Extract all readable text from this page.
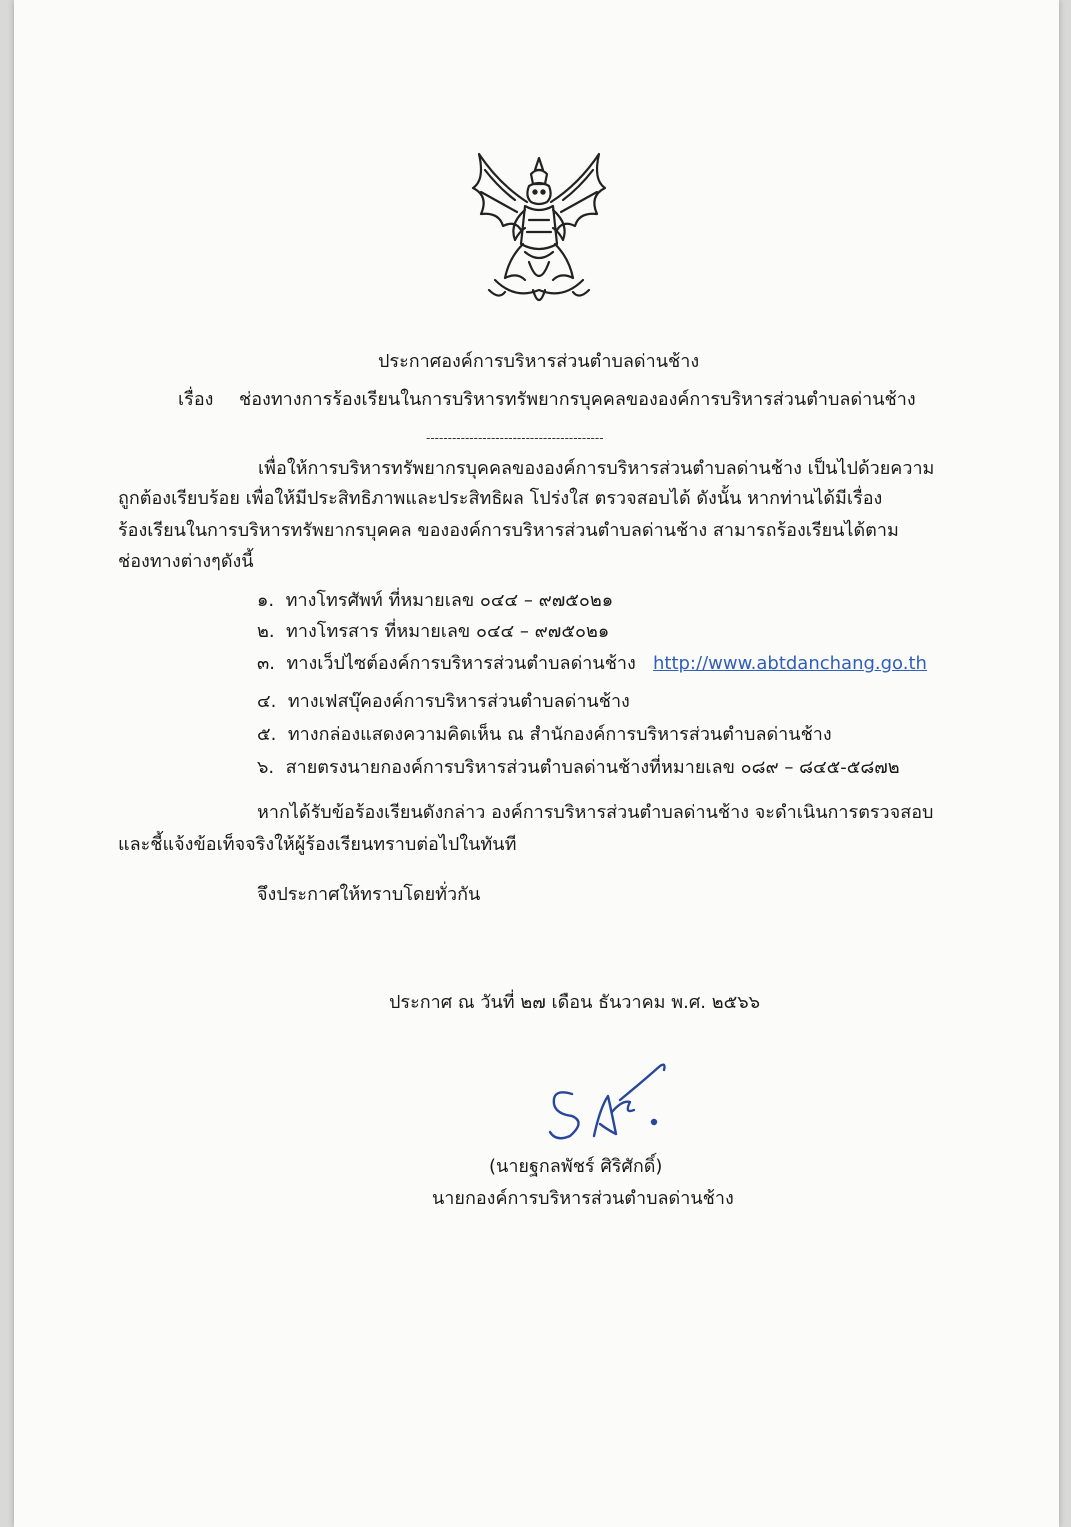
ประกาศองค์การบริหารส่วนตำบลด่านช้าง
เรื่อง ช่องทางการร้องเรียนในการบริหารทรัพยากรบุคคลขององค์การบริหารส่วนตำบลด่านช้าง
-----------------------------------------
เพื่อให้การบริหารทรัพยากรบุคคลขององค์การบริหารส่วนตำบลด่านช้าง เป็นไปด้วยความ
ถูกต้องเรียบร้อย เพื่อให้มีประสิทธิภาพและประสิทธิผล โปร่งใส ตรวจสอบได้ ดังนั้น หากท่านได้มีเรื่อง
ร้องเรียนในการบริหารทรัพยากรบุคคล ขององค์การบริหารส่วนตำบลด่านช้าง สามารถร้องเรียนได้ตาม
ช่องทางต่างๆดังนี้
๑. ทางโทรศัพท์ ที่หมายเลข ๐๔๔ – ๙๗๕๐๒๑
๒. ทางโทรสาร ที่หมายเลข ๐๔๔ – ๙๗๕๐๒๑
๓. ทางเว็ปไซต์องค์การบริหารส่วนตำบลด่านช้าง http://www.abtdanchang.go.th
๔. ทางเฟสบุ๊คองค์การบริหารส่วนตำบลด่านช้าง
๕. ทางกล่องแสดงความคิดเห็น ณ สำนักองค์การบริหารส่วนตำบลด่านช้าง
๖. สายตรงนายกองค์การบริหารส่วนตำบลด่านช้างที่หมายเลข ๐๘๙ – ๘๔๕-๕๘๗๒
หากได้รับข้อร้องเรียนดังกล่าว องค์การบริหารส่วนตำบลด่านช้าง จะดำเนินการตรวจสอบ
และชี้แจ้งข้อเท็จจริงให้ผู้ร้องเรียนทราบต่อไปในทันที
จึงประกาศให้ทราบโดยทั่วกัน
ประกาศ ณ วันที่ ๒๗ เดือน ธันวาคม พ.ศ. ๒๕๖๖
(นายฐกลพัชร์ ศิริศักดิ์)
นายกองค์การบริหารส่วนตำบลด่านช้าง
